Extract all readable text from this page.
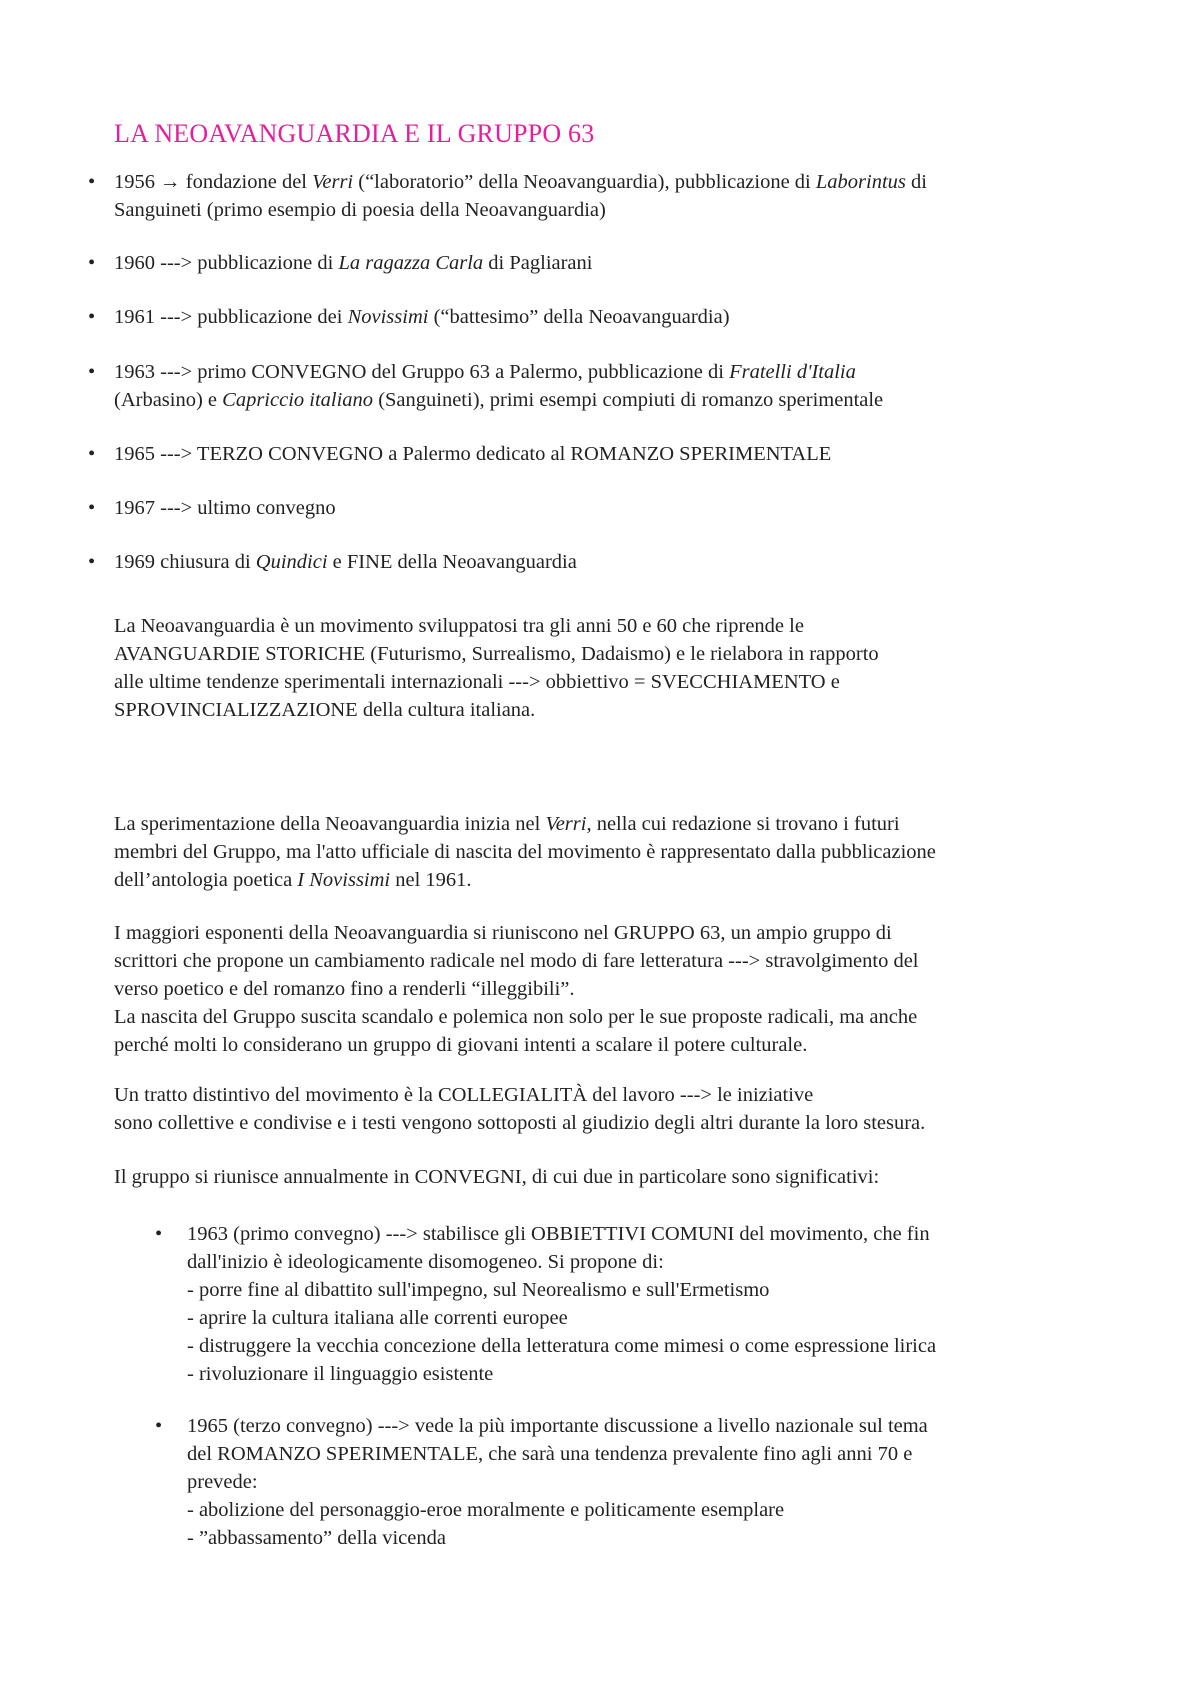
LA NEOAVANGUARDIA E IL GRUPPO 63
• 1956 → fondazione del Verri (“laboratorio” della Neoavanguardia), pubblicazione di Laborintus di
Sanguineti (primo esempio di poesia della Neoavanguardia)
• 1960 ---> pubblicazione di La ragazza Carla di Pagliarani
• 1961 ---> pubblicazione dei Novissimi (“battesimo” della Neoavanguardia)
• 1963 ---> primo CONVEGNO del Gruppo 63 a Palermo, pubblicazione di Fratelli d'Italia
(Arbasino) e Capriccio italiano (Sanguineti), primi esempi compiuti di romanzo sperimentale
• 1965 ---> TERZO CONVEGNO a Palermo dedicato al ROMANZO SPERIMENTALE
• 1967 ---> ultimo convegno
• 1969 chiusura di Quindici e FINE della Neoavanguardia
La Neoavanguardia è un movimento sviluppatosi tra gli anni 50 e 60 che riprende le
AVANGUARDIE STORICHE (Futurismo, Surrealismo, Dadaismo) e le rielabora in rapporto
alle ultime tendenze sperimentali internazionali ---> obbiettivo = SVECCHIAMENTO e
SPROVINCIALIZZAZIONE della cultura italiana.
La sperimentazione della Neoavanguardia inizia nel Verri, nella cui redazione si trovano i futuri
membri del Gruppo, ma l'atto ufficiale di nascita del movimento è rappresentato dalla pubblicazione
dell’antologia poetica I Novissimi nel 1961.
I maggiori esponenti della Neoavanguardia si riuniscono nel GRUPPO 63, un ampio gruppo di
scrittori che propone un cambiamento radicale nel modo di fare letteratura ---> stravolgimento del
verso poetico e del romanzo fino a renderli “illeggibili”.
La nascita del Gruppo suscita scandalo e polemica non solo per le sue proposte radicali, ma anche
perché molti lo considerano un gruppo di giovani intenti a scalare il potere culturale.
Un tratto distintivo del movimento è la COLLEGIALITÀ del lavoro ---> le iniziative
sono collettive e condivise e i testi vengono sottoposti al giudizio degli altri durante la loro stesura.
Il gruppo si riunisce annualmente in CONVEGNI, di cui due in particolare sono significativi:
• 1963 (primo convegno) ---> stabilisce gli OBBIETTIVI COMUNI del movimento, che fin
dall'inizio è ideologicamente disomogeneo. Si propone di:
- porre fine al dibattito sull'impegno, sul Neorealismo e sull'Ermetismo
- aprire la cultura italiana alle correnti europee
- distruggere la vecchia concezione della letteratura come mimesi o come espressione lirica
- rivoluzionare il linguaggio esistente
• 1965 (terzo convegno) ---> vede la più importante discussione a livello nazionale sul tema
del ROMANZO SPERIMENTALE, che sarà una tendenza prevalente fino agli anni 70 e
prevede:
- abolizione del personaggio-eroe moralmente e politicamente esemplare
- ”abbassamento” della vicenda
